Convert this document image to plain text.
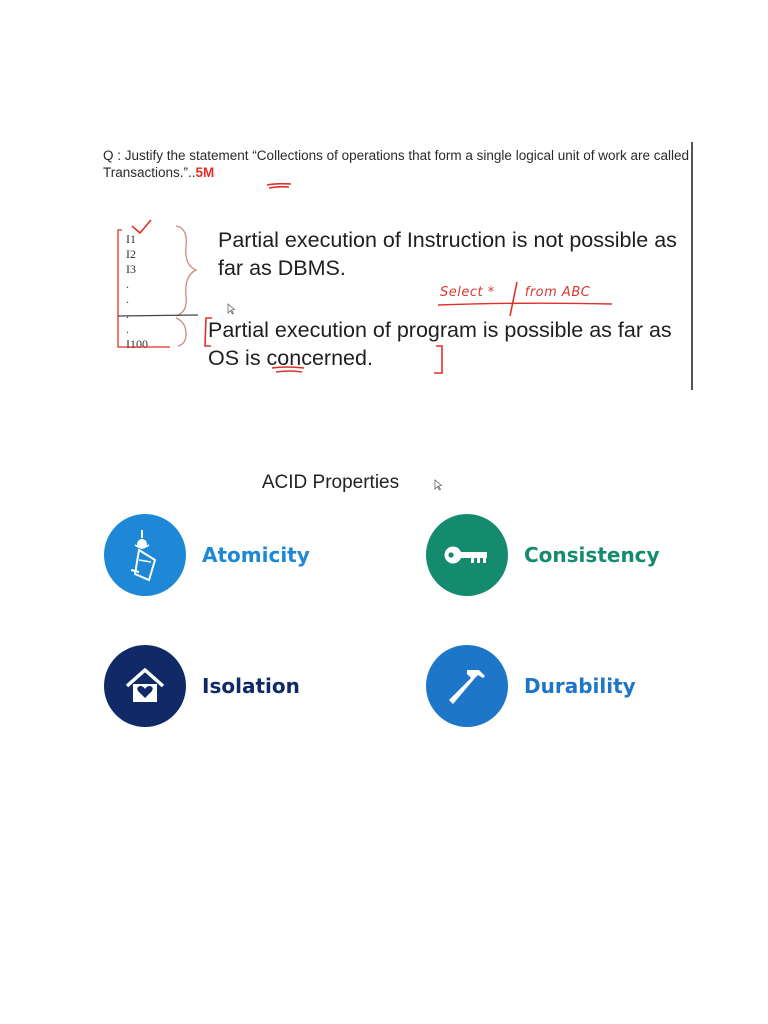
Q : Justify the statement “Collections of operations that form a single logical unit of work are called Transactions.”..5M
I1
I2
I3
.
.
.
.
I100
Partial execution of Instruction is not possible as far as DBMS.
Select * from ABC
Partial execution of program is possible as far as OS is concerned.
ACID Properties
Atomicity	Consistency
Isolation	Durability
